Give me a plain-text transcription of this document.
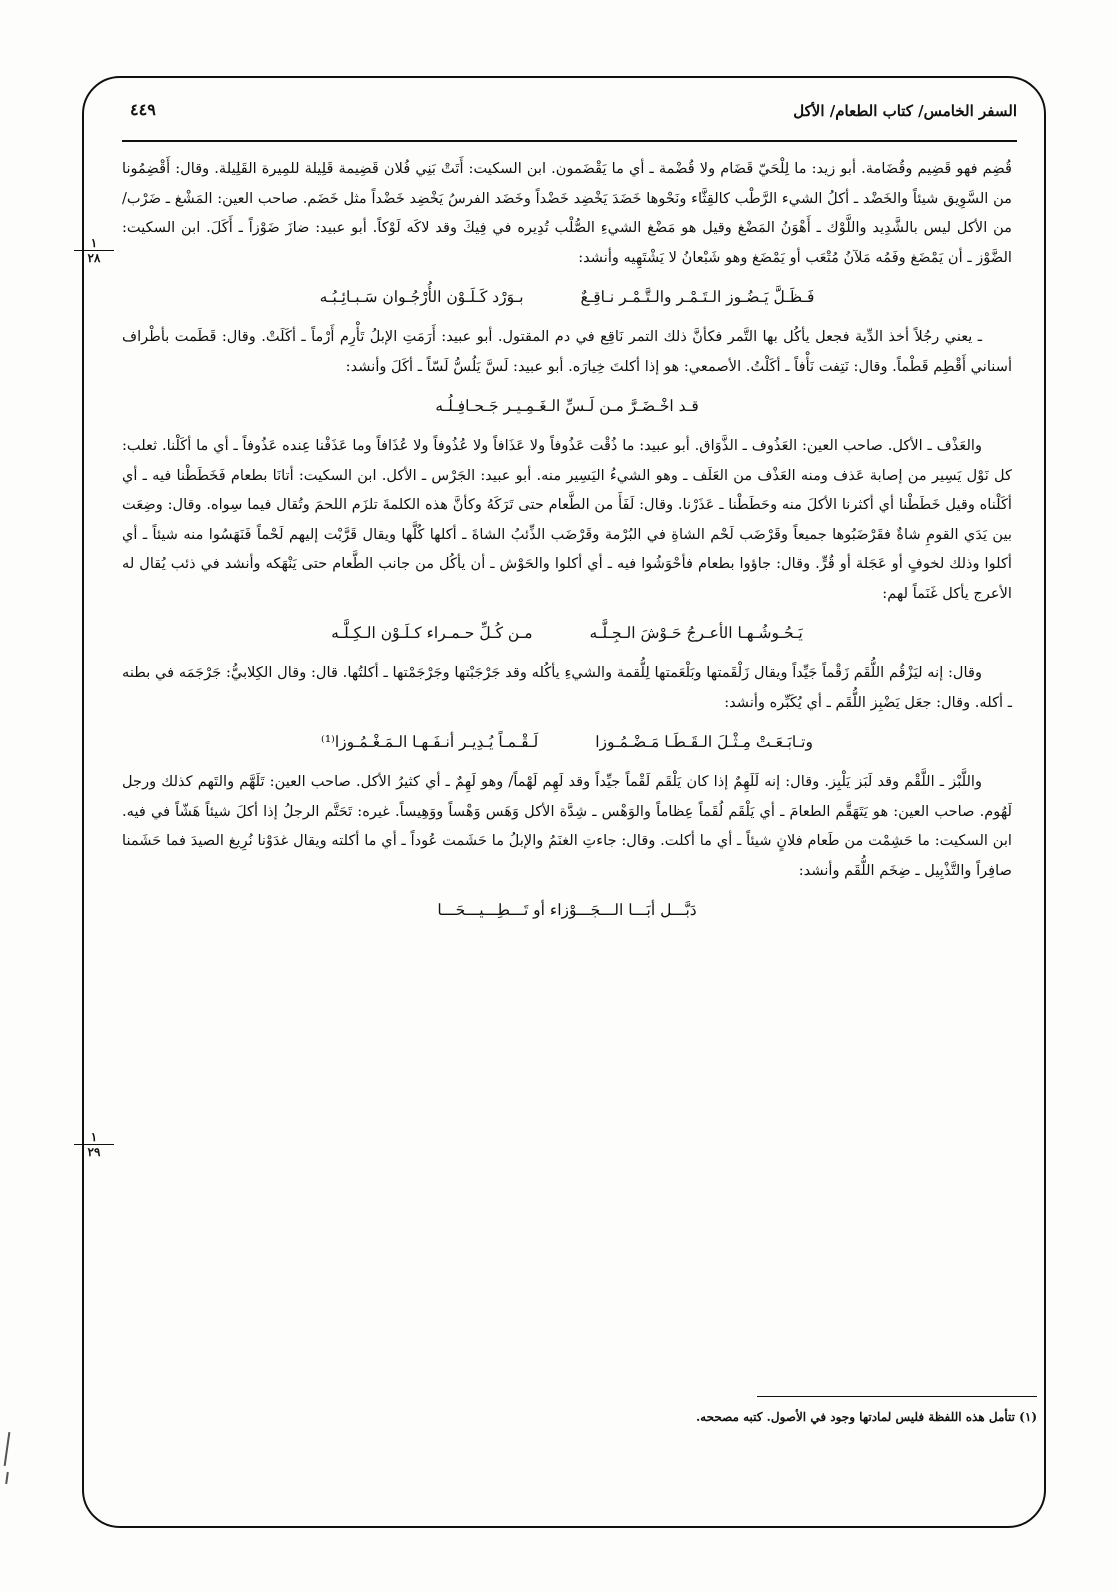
السفر الخامس/ كتاب الطعام/ الأكل
٤٤٩
١
٢٨
١
٢٩

قُضِم فهو قَضِيم وقُضَامة. أبو زيد: ما لِلْحَيّ قَضَام ولا قُضْمة ـ أي ما يَقْضَمون. ابن السكيت: أَتَتْ بَنِي فُلان قَضِيمة قَلِيلة للمِيرة القَلِيلة. وقال: أَقْضِمُونا من السَّوِيق شيئاً والخَضْد ـ أكلُ الشيء الرَّطْب كالقِثَّاء ونَحْوها خَضَدَ يَخْضِد خَضْداً وخَضَد الفرسُ يَخْضِد خَضْداً مثل خَضَم. صاحب العين: المَشْغ ـ ضَرْب/ من الأكل ليس بالشَّدِيد واللَّوْك ـ أَهْوَنُ المَضْغ وقيل هو مَضْغ الشيءِ الصُّلْب تُدِيره في فِيكَ وقد لاكَه لَوْكاً. أبو عبيد: ضازَ ضَوْزاً ـ أَكَلَ. ابن السكيت: الضَّوْز ـ أن يَمْضَغ وفَمُه مَلآنُ مُتْعَب أو يَمْضَغ وهو شَبْعانُ لا يَشْتَهِيه وأنشد:

فَـظَـلَّ يَـضُـوز الـتَـمْـر والـتَّـمْـر نـاقِـعٌ بـوَرْد كَـلَـوْن الأُرْجُـوان سَـبـائِـبُـه

ـ يعني رجُلاً أخذ الدِّية فجعل يأكُل بها التَّمر فكأنَّ ذلك التمر نَاقِع في دم المقتول. أبو عبيد: أَرَمَتِ الإبلُ تَأْرِم أَرْماً ـ أكَلَتْ. وقال: قَطَمت بأطْراف أسناني أَقْطِم قَطْماً. وقال: نَتِفت نَأْفاً ـ أكَلْتُ. الأصمعي: هو إذا أكلتَ خِيارَه. أبو عبيد: لَسَّ يَلُسُّ لَسّاً ـ أكَلَ وأنشد:

قـد اخْـضَـرَّ مـن لَـسِّ الـغَـمِـيـر جَـحـافِـلُـه

والعَذْف ـ الأكل. صاحب العين: العَذُوف ـ الذَّوَاق. أبو عبيد: ما ذُقْت عَذُوفاً ولا عَذَافاً ولا عُذُوفاً ولا عُذَافاً وما عَذَفْنا عِنده عَذُوفاً ـ أي ما أكَلْنا. ثعلب: كل نَوْل يَسِير من إصابة عَذف ومنه العَذْف من العَلَف ـ وهو الشيءُ اليَسِير منه. أبو عبيد: الجَرْس ـ الأكل. ابن السكيت: أتانَا بطعام فَخَطَطْنا فيه ـ أي أكَلْناه وقيل خَطَطْنا أي أكثرنا الأكلَ منه وحَطَطْنا ـ عَذَرْنا. وقال: لَفَأَ من الطَّعام حتى تَرَكَهُ وكأنَّ هذه الكلمةَ تلزَم اللحمَ وتُقال فيما سِواه. وقال: وضِعَت بين يَدَي القومِ شاةٌ فقَرْضَبُوها جميعاً وقَرْضَب لَحْم الشاةِ في البُرْمة وقَرْضَب الذِّئبُ الشاةَ ـ أكلها كُلَّها ويقال قَرَّبْت إليهم لَحْماً فَنَهَسُوا منه شيئاً ـ أي أكلوا وذلك لخوفٍ أو عَجَلة أو قُرٍّ. وقال: جاؤوا بطعام فأحْوَشُوا فيه ـ أي أكلوا والحَوْش ـ أن يأكُل من جانب الطَّعام حتى يَنْهَكه وأنشد في ذئب يُقال له الأعرج يأكل غَنَماً لهم:

يَـحُـوشُـهـا الأعـرجُ حَـوْشَ الـجِـلَّـه مـن كُـلِّ حـمـراء كـلَـوْن الـكِـلَّـه

وقال: إنه ليَزْقُم اللُّقَم زَقْماً جَيِّداً ويقال زَلْقَمتها وبَلْعَمتها لِلُّقمة والشيءِ يأكُله وقد جَرْجَبْتها وجَرْجَمْتها ـ أكلتُها. قال: وقال الكِلابيُّ: جَرْجَمَه في بطنه ـ أكله. وقال: جعَل يَضْبِز اللُّقَم ـ أي يُكَبِّره وأنشد:

وتـابَـعَـتْ مِـثْـلَ الـقَـطَـا مَـضْـمُـوزا لَـقْـمـاً يُـدِيـر أنـفَـهـا الـمَـغْـمُـوزا⁽¹⁾

واللَّبْز ـ اللَّقْم وقد لَبَز يَلْبِز. وقال: إنه لَلَهِمٌ إذا كان يَلْقَم لَقْماً جيِّداً وقد لَهِم لَهْماً/ وهو لَهِمٌ ـ أي كثيرُ الأكل. صاحب العين: تَلَهَّم والتَهم كذلك ورجل لَهُوم. صاحب العين: هو يَتَهَقَّم الطعامَ ـ أي يَلْقَم لُقَماً عِظاماً والوَهْس ـ شِدَّة الأكل وَهَس وَهْساً ووَهِيساً. غيره: تَحَتَّم الرجلُ إذا أكلَ شيئاً هَشّاً في فيه. ابن السكيت: ما حَشِمْت من طَعام فلانٍ شيئاً ـ أي ما أكلت. وقال: جاءتِ الغنَمُ والإبلُ ما حَشَمت عُوداً ـ أي ما أكلته ويقال غدَوْنا نُرِيغ الصيدَ فما حَشَمنا صافِراً والتَّذْبِيل ـ ضِخَم اللُّقَم وأنشد:

دَبَّـــل أبَـــا الـــجَـــوْزاء أو تَـــطِـــيـــحَـــا

(١) تتأمل هذه اللفظة فليس لمادتها وجود في الأصول. كتبه مصححه.
